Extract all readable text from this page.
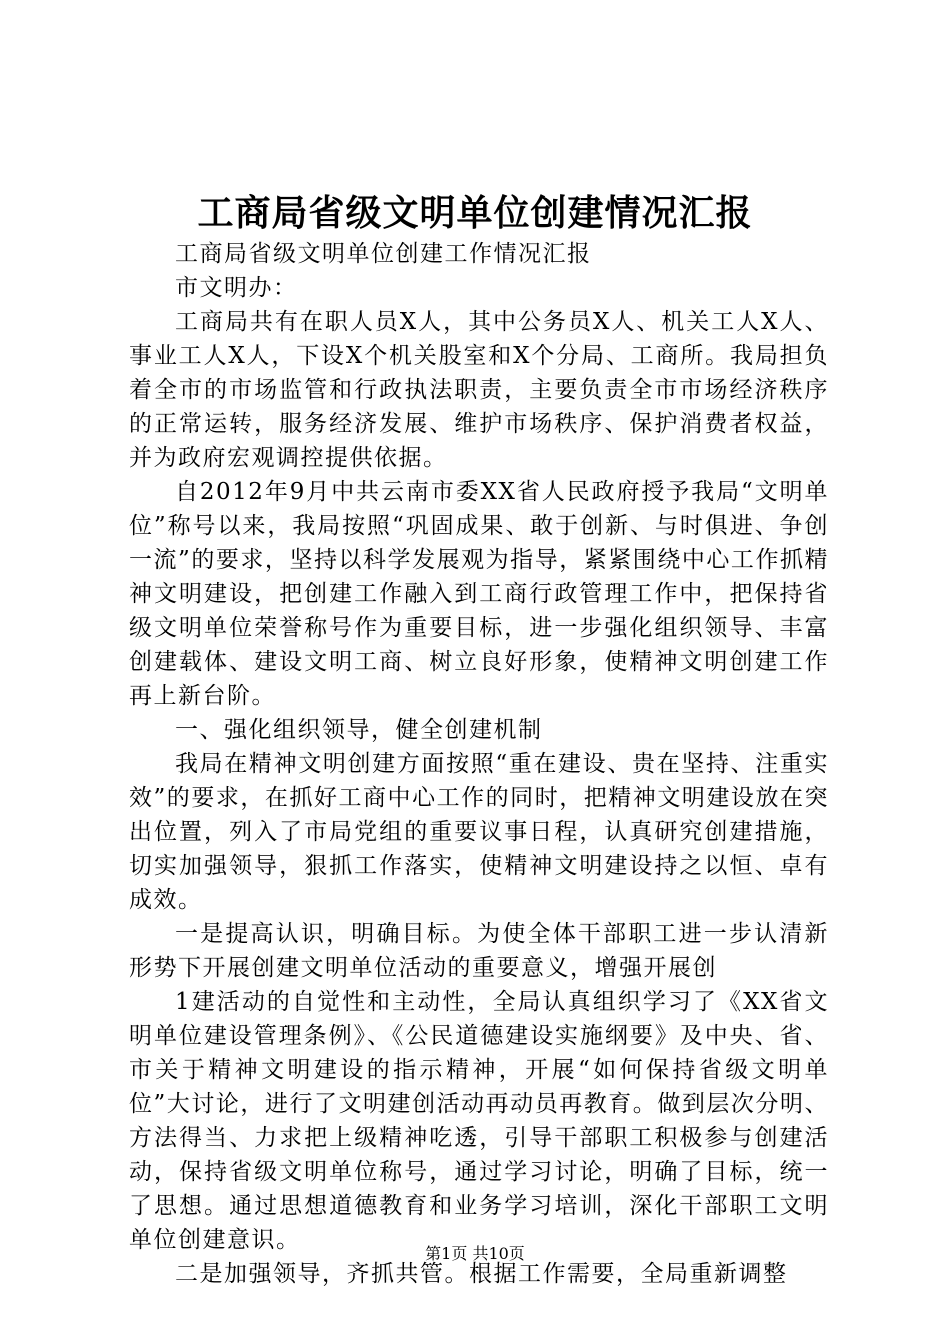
工商局省级文明单位创建情况汇报

工商局省级文明单位创建工作情况汇报

市文明办：

工商局共有在职人员X人，其中公务员X人、机关工人X人、事业工人X人，下设X个机关股室和X个分局、工商所。我局担负着全市的市场监管和行政执法职责，主要负责全市市场经济秩序的正常运转，服务经济发展、维护市场秩序、保护消费者权益，并为政府宏观调控提供依据。

自2012年9月中共云南市委XX省人民政府授予我局“文明单位”称号以来，我局按照“巩固成果、敢于创新、与时俱进、争创一流”的要求，坚持以科学发展观为指导，紧紧围绕中心工作抓精神文明建设，把创建工作融入到工商行政管理工作中，把保持省级文明单位荣誉称号作为重要目标，进一步强化组织领导、丰富创建载体、建设文明工商、树立良好形象，使精神文明创建工作再上新台阶。

一、强化组织领导，健全创建机制

我局在精神文明创建方面按照“重在建设、贵在坚持、注重实效”的要求，在抓好工商中心工作的同时，把精神文明建设放在突出位置，列入了市局党组的重要议事日程，认真研究创建措施，切实加强领导，狠抓工作落实，使精神文明建设持之以恒、卓有成效。

一是提高认识，明确目标。为使全体干部职工进一步认清新形势下开展创建文明单位活动的重要意义，增强开展创

1建活动的自觉性和主动性，全局认真组织学习了《XX省文明单位建设管理条例》、《公民道德建设实施纲要》及中央、省、市关于精神文明建设的指示精神，开展“如何保持省级文明单位”大讨论，进行了文明建创活动再动员再教育。做到层次分明、方法得当、力求把上级精神吃透，引导干部职工积极参与创建活动，保持省级文明单位称号，通过学习讨论，明确了目标，统一了思想。通过思想道德教育和业务学习培训，深化干部职工文明单位创建意识。

二是加强领导，齐抓共管。根据工作需要，全局重新调整

第1页 共10页
